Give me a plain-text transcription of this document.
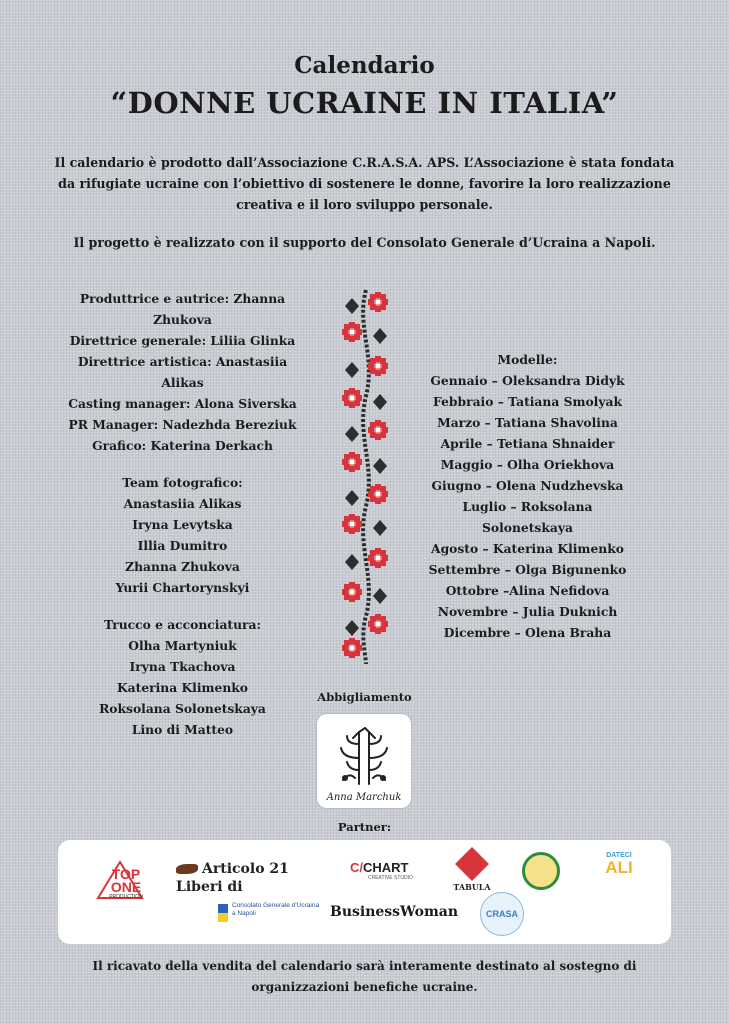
Calendario
“DONNE UCRAINE IN ITALIA”
Il calendario è prodotto dall’Associazione C.R.A.S.A. APS. L’Associazione è stata fondata da rifugiate ucraine con l’obiettivo di sostenere le donne, favorire la loro realizzazione creativa e il loro sviluppo personale.
Il progetto è realizzato con il supporto del Consolato Generale d’Ucraina a Napoli.
Produttrice e autrice: Zhanna Zhukova
Direttrice generale: Liliia Glinka
Direttrice artistica: Anastasiia Alikas
Casting manager: Alona Siverska
PR Manager: Nadezhda Bereziuk
Grafico: Katerina Derkach
Team fotografico:
Anastasiia Alikas
Iryna Levytska
Illia Dumitro
Zhanna Zhukova
Yurii Chartorynskyi
Trucco e acconciatura:
Olha Martyniuk
Iryna Tkachova
Katerina Klimenko
Roksolana Solonetskaya
Lino di Matteo
Modelle:
Gennaio – Oleksandra Didyk
Febbraio – Tatiana Smolyak
Marzo – Tatiana Shavolina
Aprile – Tetiana Shnaider
Maggio – Olha Oriekhova
Giugno – Olena Nudzhevska
Luglio – Roksolana Solonetskaya
Agosto – Katerina Klimenko
Settembre – Olga Bigunenko
Ottobre –Alina Nefidova
Novembre – Julia Duknich
Dicembre – Olena Braha
Abbigliamento
Anna Marchuk
Partner:
TOP ONE
PRODUCTION
Articolo 21 Liberi di
C/CHART
CREATIVE STUDIO
TABULA
DATECI
ALI
Consolato Generale d’Ucraina a Napoli	BusinessWoman	CRASA
Il ricavato della vendita del calendario sarà interamente destinato al sostegno di organizzazioni benefiche ucraine.
